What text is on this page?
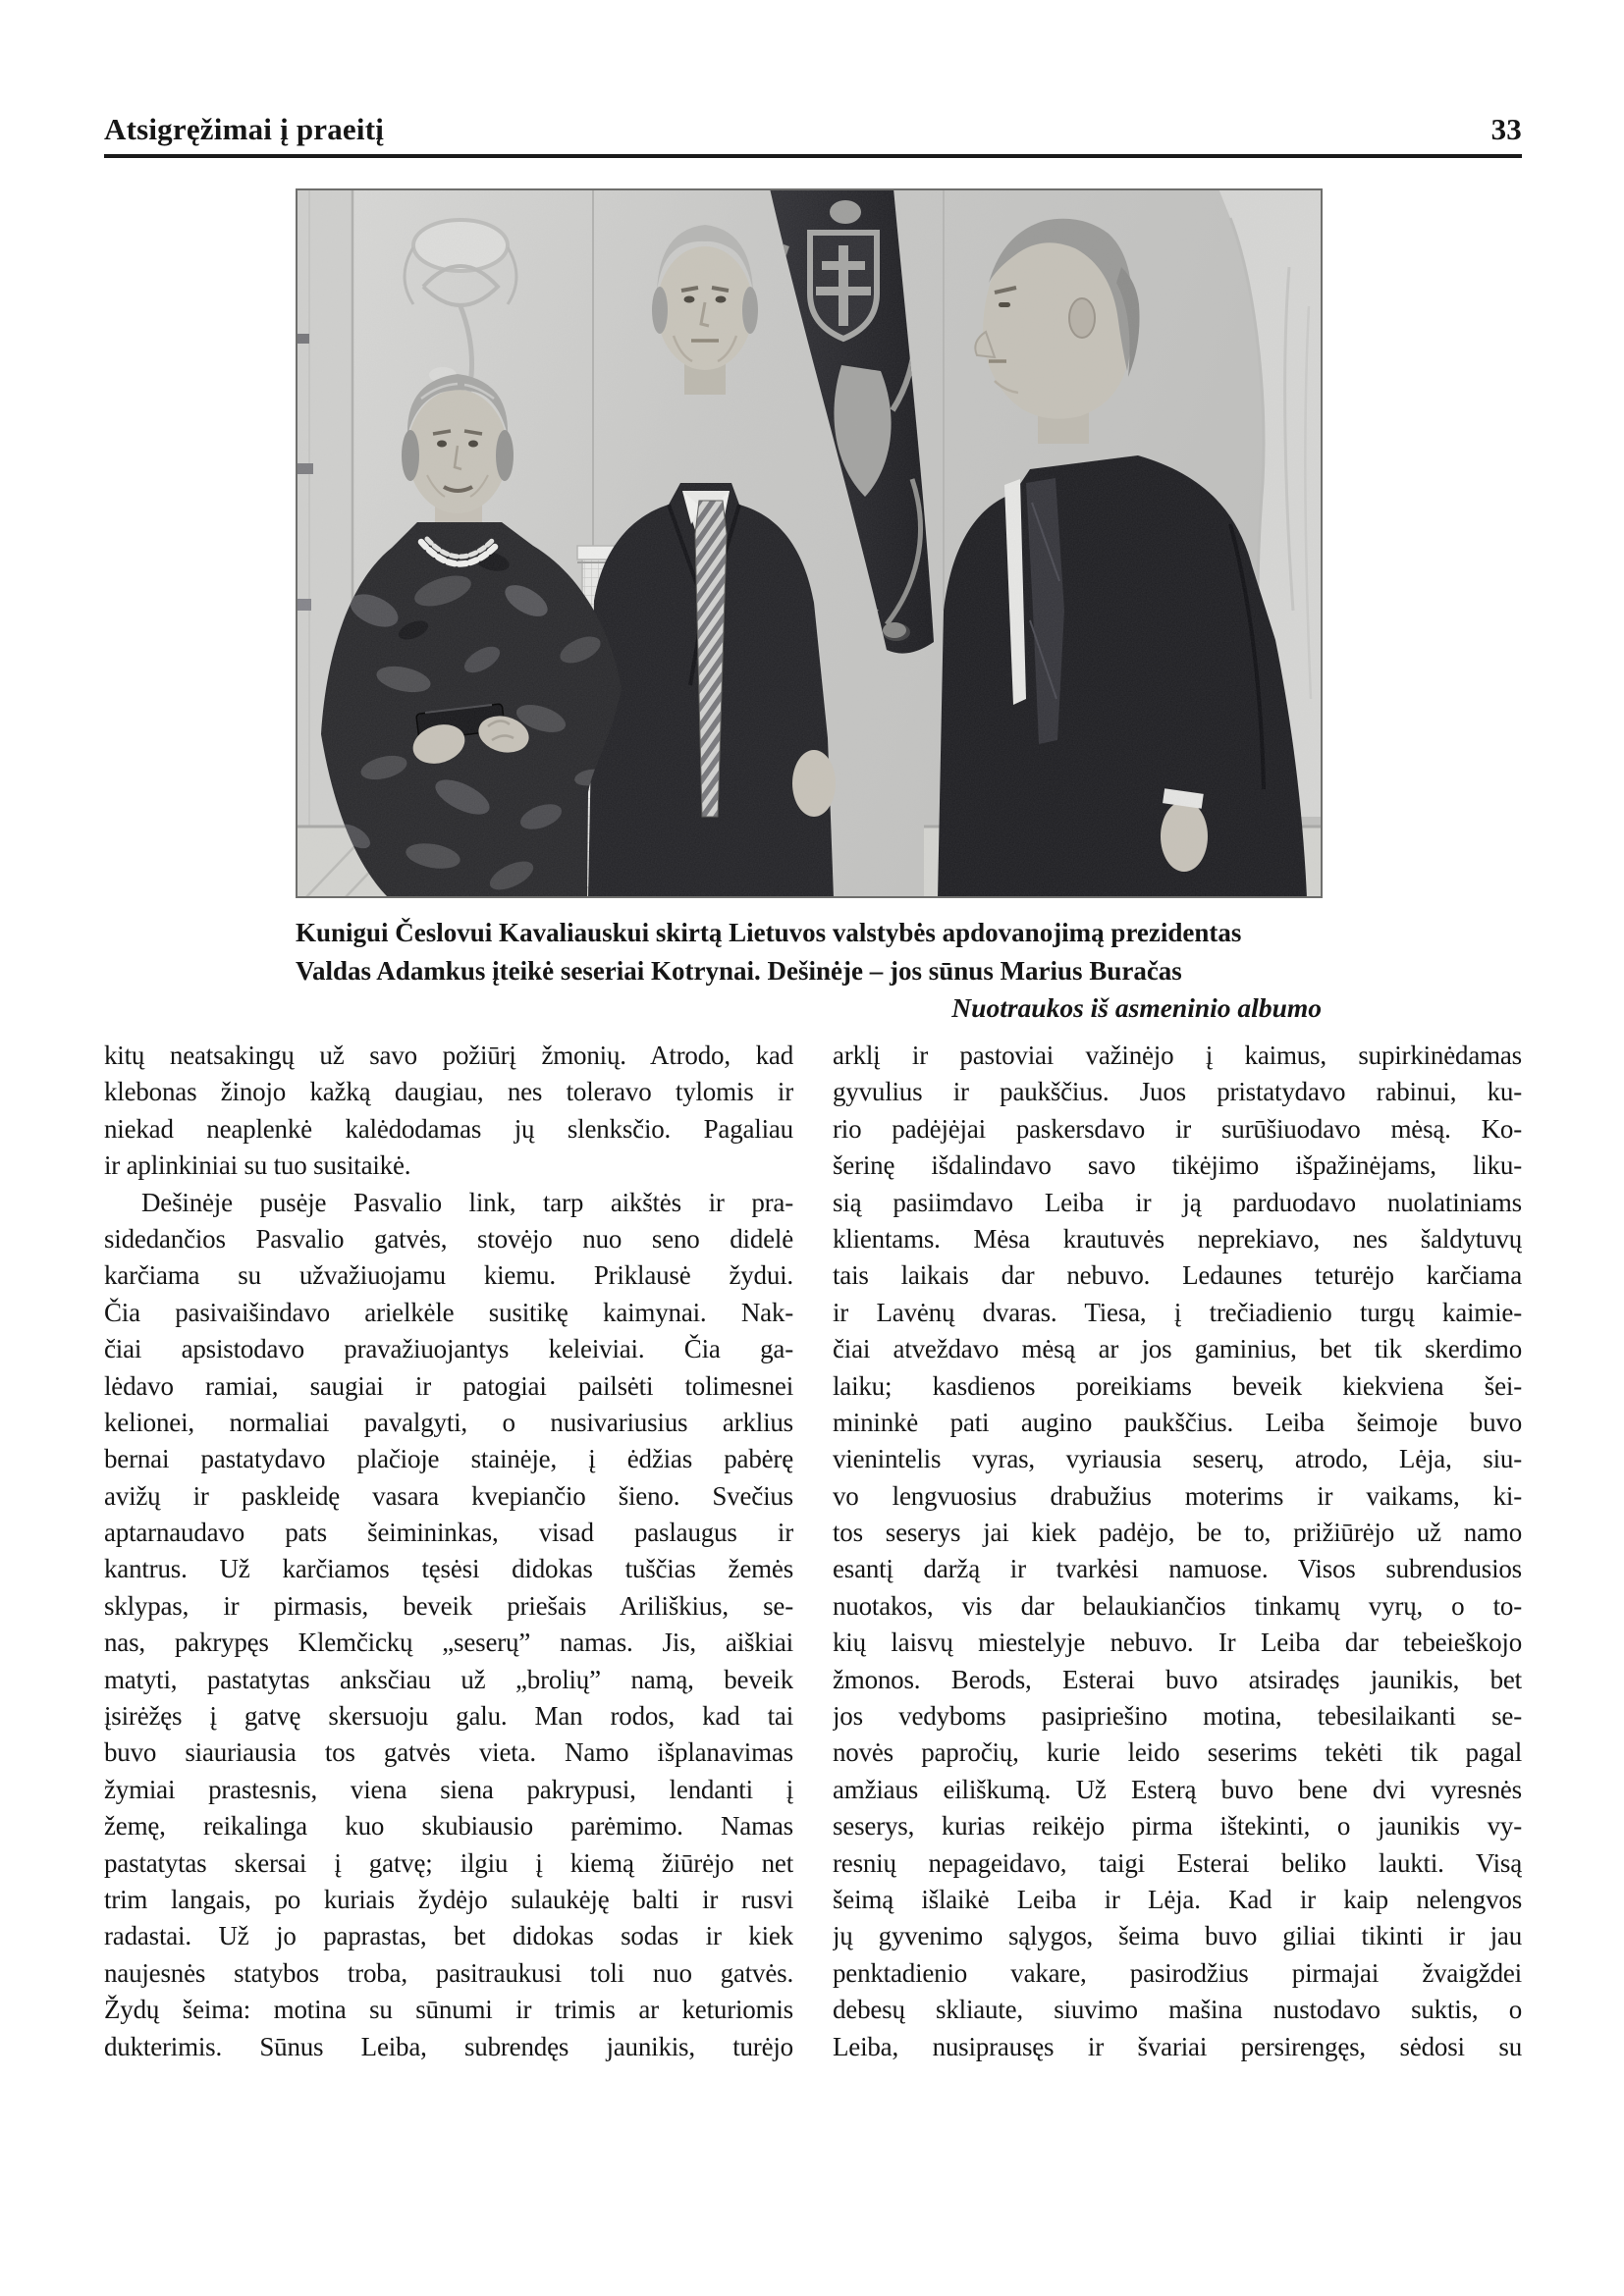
Atsigręžimai į praeitį	33
Kunigui Česlovui Kavaliauskui skirtą Lietuvos valstybės apdovanojimą prezidentas
Valdas Adamkus įteikė seseriai Kotrynai. Dešinėje – jos sūnus Marius Buračas
Nuotraukos iš asmeninio albumo
kitų neatsakingų už savo požiūrį žmonių. Atrodo, kad
klebonas žinojo kažką daugiau, nes toleravo tylomis ir
niekad neaplenkė kalėdodamas jų slenksčio. Pagaliau
ir aplinkiniai su tuo susitaikė.
Dešinėje pusėje Pasvalio link, tarp aikštės ir pra-
sidedančios Pasvalio gatvės, stovėjo nuo seno didelė
karčiama su užvažiuojamu kiemu. Priklausė žydui.
Čia pasivaišindavo arielkėle susitikę kaimynai. Nak-
čiai apsistodavo pravažiuojantys keleiviai. Čia ga-
lėdavo ramiai, saugiai ir patogiai pailsėti tolimesnei
kelionei, normaliai pavalgyti, o nusivariusius arklius
bernai pastatydavo plačioje stainėje, į ėdžias pabėrę
avižų ir paskleidę vasara kvepiančio šieno. Svečius
aptarnaudavo pats šeimininkas, visad paslaugus ir
kantrus. Už karčiamos tęsėsi didokas tuščias žemės
sklypas, ir pirmasis, beveik priešais Ariliškius, se-
nas, pakrypęs Klemčickų „seserų” namas. Jis, aiškiai
matyti, pastatytas anksčiau už „brolių” namą, beveik
įsirėžęs į gatvę skersuoju galu. Man rodos, kad tai
buvo siauriausia tos gatvės vieta. Namo išplanavimas
žymiai prastesnis, viena siena pakrypusi, lendanti į
žemę, reikalinga kuo skubiausio parėmimo. Namas
pastatytas skersai į gatvę; ilgiu į kiemą žiūrėjo net
trim langais, po kuriais žydėjo sulaukėję balti ir rusvi
radastai. Už jo paprastas, bet didokas sodas ir kiek
naujesnės statybos troba, pasitraukusi toli nuo gatvės.
Žydų šeima: motina su sūnumi ir trimis ar keturiomis
dukterimis. Sūnus Leiba, subrendęs jaunikis, turėjo
arklį ir pastoviai važinėjo į kaimus, supirkinėdamas
gyvulius ir paukščius. Juos pristatydavo rabinui, ku-
rio padėjėjai paskersdavo ir surūšiuodavo mėsą. Ko-
šerinę išdalindavo savo tikėjimo išpažinėjams, liku-
sią pasiimdavo Leiba ir ją parduodavo nuolatiniams
klientams. Mėsa krautuvės neprekiavo, nes šaldytuvų
tais laikais dar nebuvo. Ledaunes teturėjo karčiama
ir Lavėnų dvaras. Tiesa, į trečiadienio turgų kaimie-
čiai atveždavo mėsą ar jos gaminius, bet tik skerdimo
laiku; kasdienos poreikiams beveik kiekviena šei-
mininkė pati augino paukščius. Leiba šeimoje buvo
vienintelis vyras, vyriausia seserų, atrodo, Lėja, siu-
vo lengvuosius drabužius moterims ir vaikams, ki-
tos seserys jai kiek padėjo, be to, prižiūrėjo už namo
esantį daržą ir tvarkėsi namuose. Visos subrendusios
nuotakos, vis dar belaukiančios tinkamų vyrų, o to-
kių laisvų miestelyje nebuvo. Ir Leiba dar tebeieškojo
žmonos. Berods, Esterai buvo atsiradęs jaunikis, bet
jos vedyboms pasipriešino motina, tebesilaikanti se-
novės papročių, kurie leido seserims tekėti tik pagal
amžiaus eiliškumą. Už Esterą buvo bene dvi vyresnės
seserys, kurias reikėjo pirma ištekinti, o jaunikis vy-
resnių nepageidavo, taigi Esterai beliko laukti. Visą
šeimą išlaikė Leiba ir Lėja. Kad ir kaip nelengvos
jų gyvenimo sąlygos, šeima buvo giliai tikinti ir jau
penktadienio vakare, pasirodžius pirmajai žvaigždei
debesų skliaute, siuvimo mašina nustodavo suktis, o
Leiba, nusiprausęs ir švariai persirengęs, sėdosi su
